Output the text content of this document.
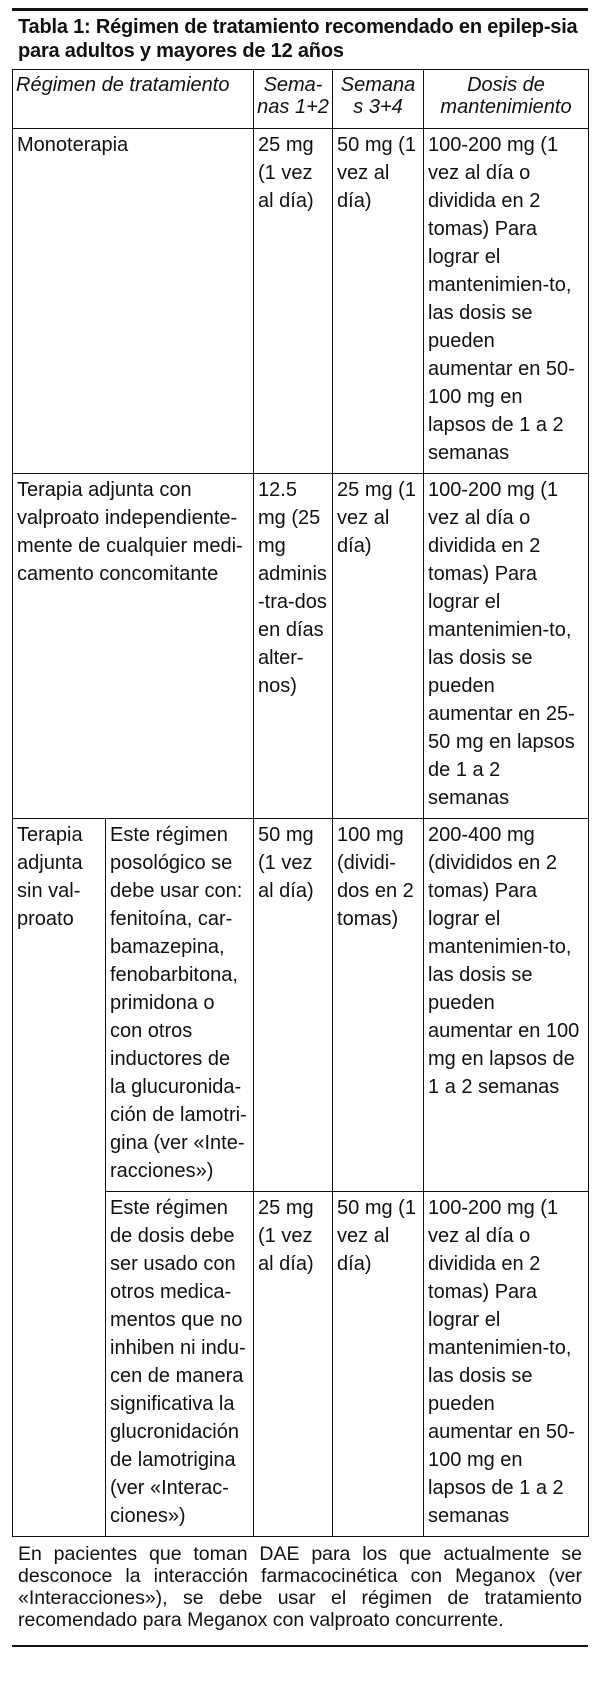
Tabla 1: Régimen de tratamiento recomendado en epilep-sia para adultos y mayores de 12 años
Régimen de tratamiento		Sema-nas 1+2	Semanas 3+4	Dosis de mantenimiento
Monoterapia		25 mg (1 vez al día)	50 mg (1 vez al día)	100-200 mg (1 vez al día o dividida en 2 tomas) Para lograr el mantenimien-to, las dosis se pueden aumentar en 50-100 mg en lapsos de 1 a 2 semanas
Terapia adjunta con valproato independiente-mente de cualquier medi-camento concomitante		12.5 mg (25 mg adminis-tra-dos en días alter-nos)	25 mg (1 vez al día)	100-200 mg (1 vez al día o dividida en 2 tomas) Para lograr el mantenimien-to, las dosis se pueden aumentar en 25-50 mg en lapsos de 1 a 2 semanas
Terapia adjunta sin val-proato	Este régimen posológico se debe usar con: fenitoína, car-bamazepina, fenobarbitona, primidona o con otros inductores de la glucuronida-ción de lamotri-gina (ver «Inte-racciones»)	50 mg (1 vez al día)	100 mg (dividi-dos en 2 tomas)	200-400 mg (divididos en 2 tomas) Para lograr el mantenimien-to, las dosis se pueden aumentar en 100 mg en lapsos de 1 a 2 semanas
	Este régimen de dosis debe ser usado con otros medica-mentos que no inhiben ni indu-cen de manera significativa la glucronidación de lamotrigina (ver «Interac-ciones»)	25 mg (1 vez al día)	50 mg (1 vez al día)	100-200 mg (1 vez al día o dividida en 2 tomas) Para lograr el mantenimien-to, las dosis se pueden aumentar en 50-100 mg en lapsos de 1 a 2 semanas
En pacientes que toman DAE para los que actualmente se desconoce la interacción farmacocinética con Meganox (ver «Interacciones»), se debe usar el régimen de tratamiento recomendado para Meganox con valproato concurrente.
